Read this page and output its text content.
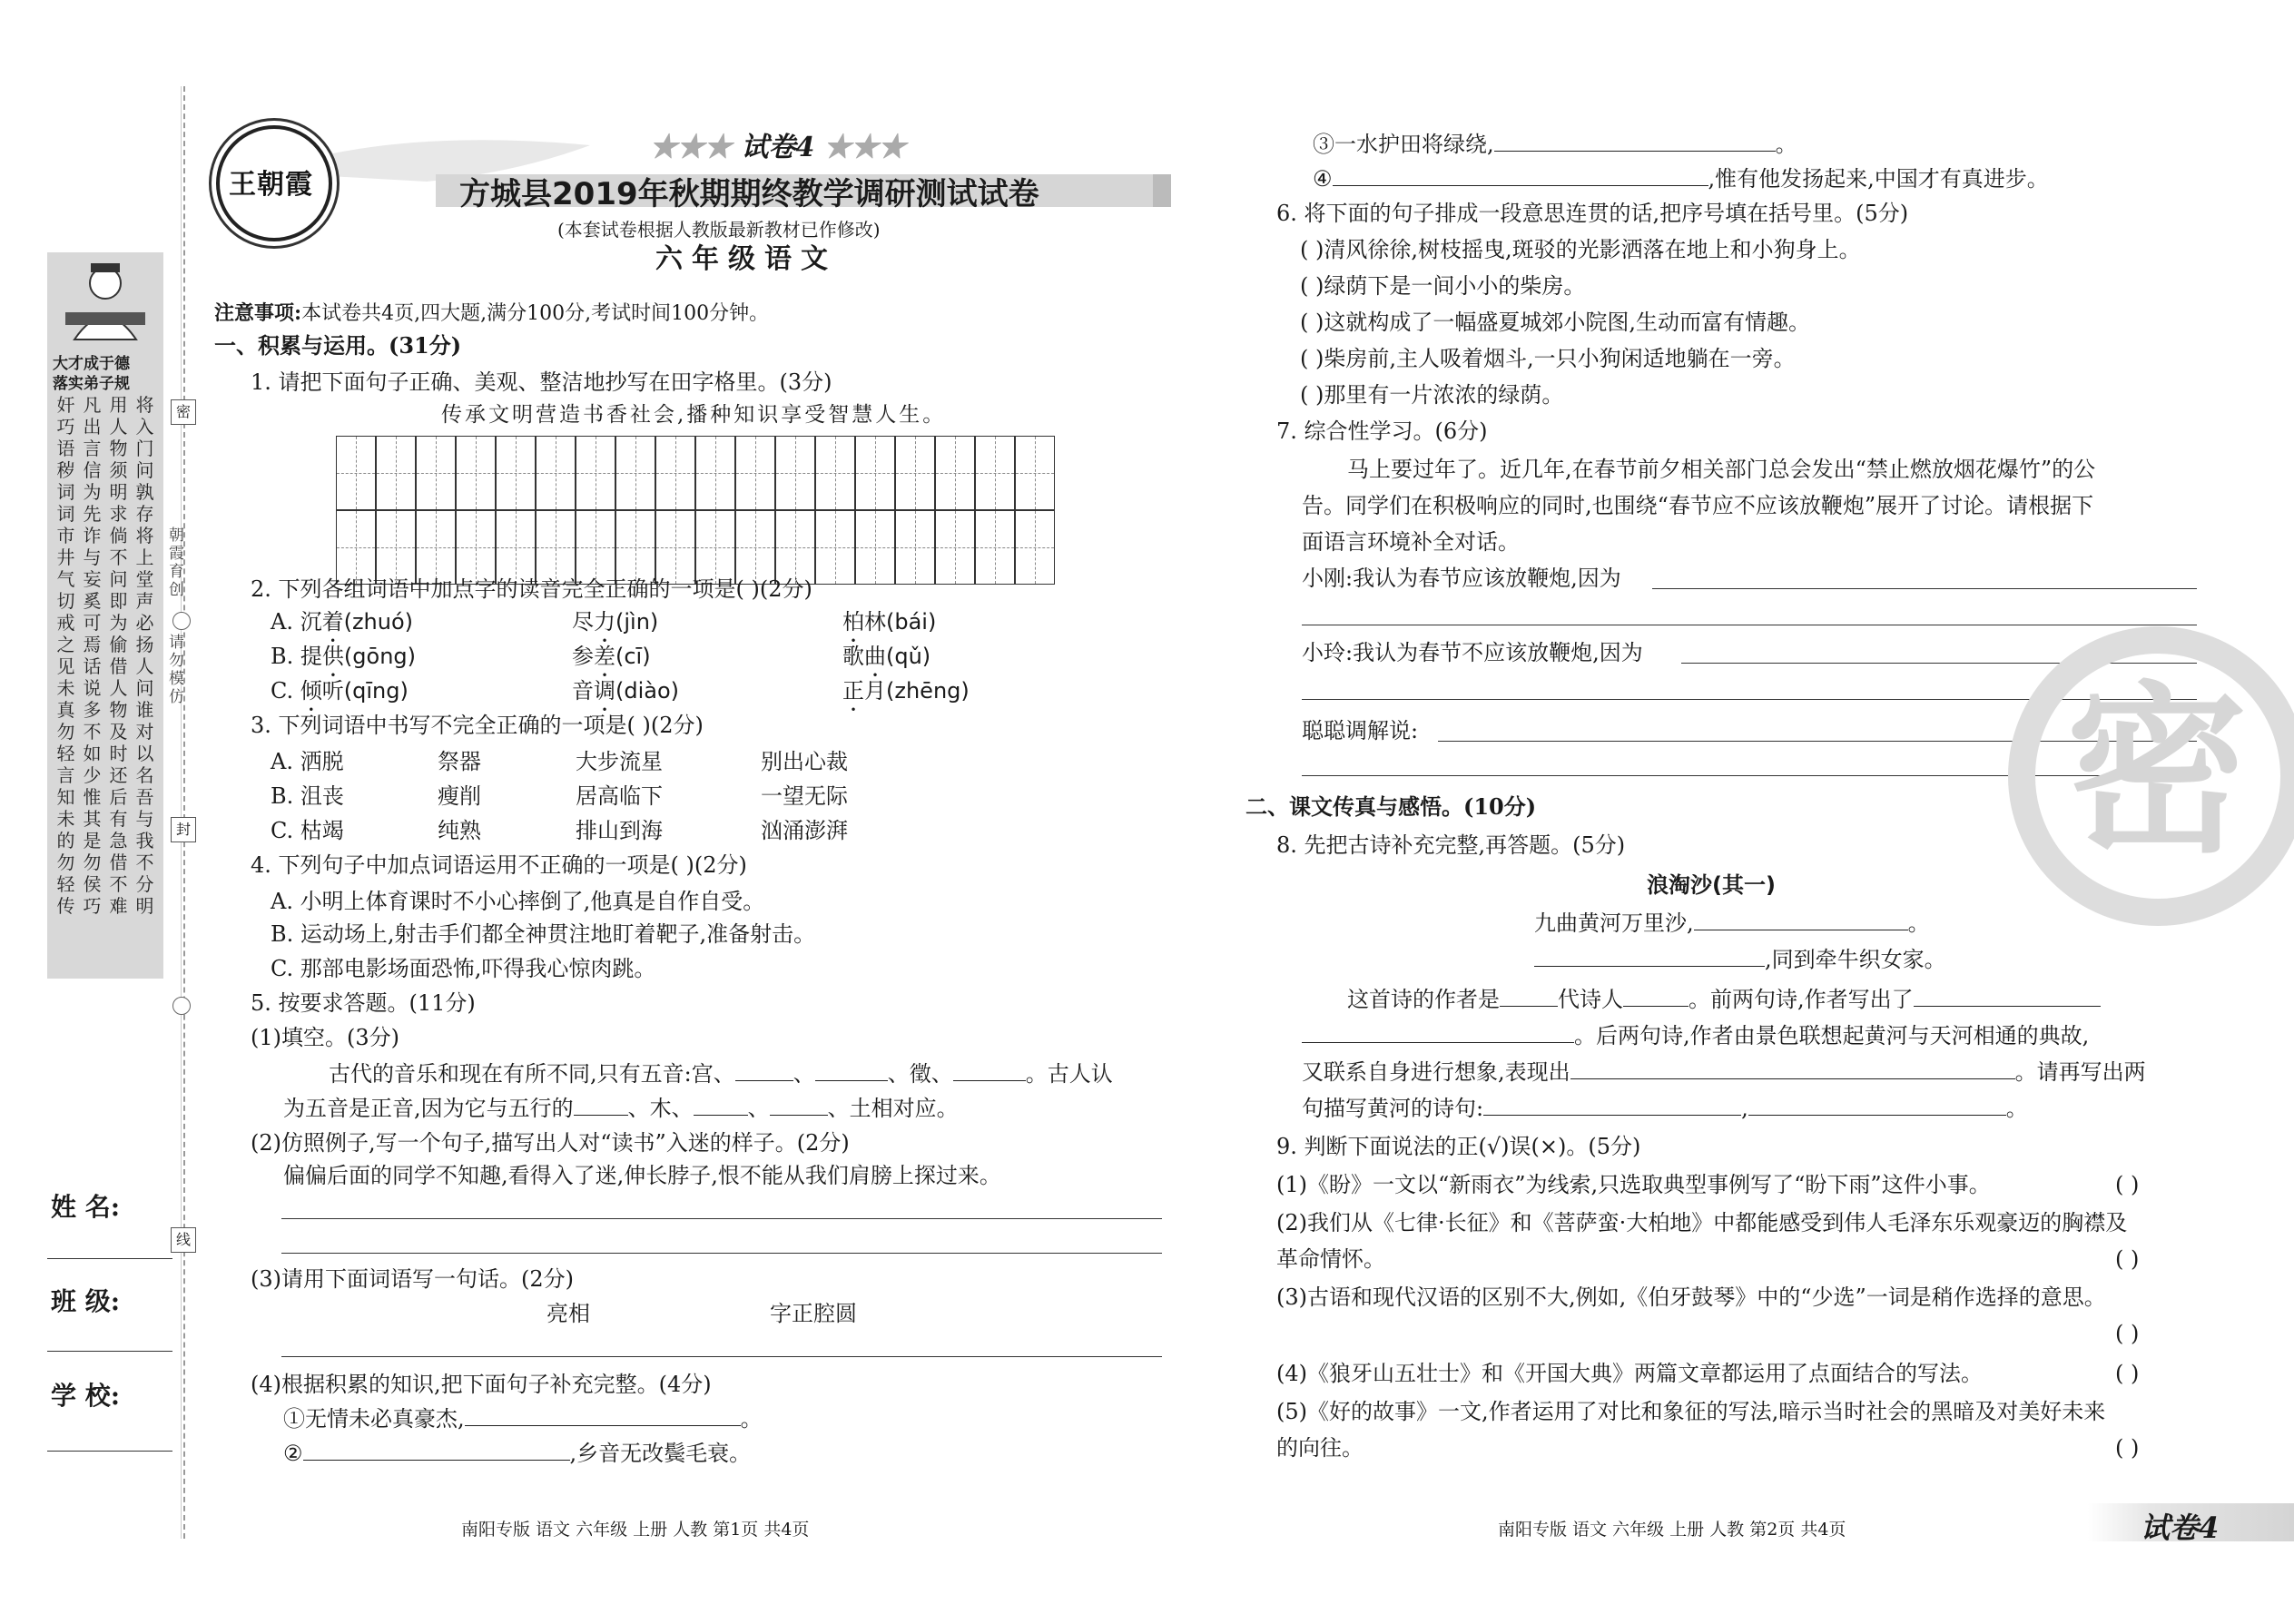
大才成于德
落实弟子规
奸 凡 用 将
巧 出 人 入
语 言 物 门
秽 信 须 问
词 为 明 孰
词 先 求 存
市 诈 倘 将
井 与 不 上
气 妄 问 堂
切 奚 即 声
戒 可 为 必
之 焉 偷 扬
见 话 借 人
未 说 人 问
真 多 物 谁
勿 不 及 对
轻 如 时 以
言 少 还 名
知 惟 后 吾
未 其 有 与
的 是 急 我
勿 勿 借 不
轻 侯 不 分
传 巧 难 明
密
封
线
朝霞育创
请勿模仿
姓 名:
班 级:
学 校:
王朝霞
★★★ 试卷4 ★★★
方城县2019年秋期期终教学调研测试试卷
(本套试卷根据人教版最新教材已作修改)
六年级语文
注意事项:本试卷共4页,四大题,满分100分,考试时间100分钟。
一、积累与运用。(31分)
1. 请把下面句子正确、美观、整洁地抄写在田字格里。(3分)
传承文明营造书香社会,播种知识享受智慧人生。
2. 下列各组词语中加点字的读音完全正确的一项是( )(2分)
A. 沉着(zhuó)	尽力(jìn)	柏林(bái)
B. 提供(gōng)	参差(cī)	歌曲(qǔ)
C. 倾听(qīng)	音调(diào)	正月(zhēng)
3. 下列词语中书写不完全正确的一项是( )(2分)
A. 洒脱	祭器	大步流星	别出心裁
B. 沮丧	瘦削	居高临下	一望无际
C. 枯竭	纯熟	排山到海	汹涌澎湃
4. 下列句子中加点词语运用不正确的一项是( )(2分)
A. 小明上体育课时不小心摔倒了,他真是自作自受。
B. 运动场上,射击手们都全神贯注地盯着靶子,准备射击。
C. 那部电影场面恐怖,吓得我心惊肉跳。
5. 按要求答题。(11分)
(1)填空。(3分)
古代的音乐和现在有所不同,只有五音:宫、	、	、徵、	。古人认
为五音是正音,因为它与五行的	、木、	、	、土相对应。
(2)仿照例子,写一个句子,描写出人对“读书”入迷的样子。(2分)
偏偏后面的同学不知趣,看得入了迷,伸长脖子,恨不能从我们肩膀上探过来。
(3)请用下面词语写一句话。(2分)
亮相	字正腔圆
(4)根据积累的知识,把下面句子补充完整。(4分)
①无情未必真豪杰,	。
②	,乡音无改鬓毛衰。
南阳专版 语文 六年级 上册 人教 第1页 共4页
③一水护田将绿绕,	。
④	,惟有他发扬起来,中国才有真进步。
6. 将下面的句子排成一段意思连贯的话,把序号填在括号里。(5分)
( )清风徐徐,树枝摇曳,斑驳的光影洒落在地上和小狗身上。
( )绿荫下是一间小小的柴房。
( )这就构成了一幅盛夏城郊小院图,生动而富有情趣。
( )柴房前,主人吸着烟斗,一只小狗闲适地躺在一旁。
( )那里有一片浓浓的绿荫。
7. 综合性学习。(6分)
马上要过年了。近几年,在春节前夕相关部门总会发出“禁止燃放烟花爆竹”的公
告。同学们在积极响应的同时,也围绕“春节应不应该放鞭炮”展开了讨论。请根据下
面语言环境补全对话。
小刚:我认为春节应该放鞭炮,因为
小玲:我认为春节不应该放鞭炮,因为
聪聪调解说:	密
二、课文传真与感悟。(10分)
8. 先把古诗补充完整,再答题。(5分)
浪淘沙(其一)
九曲黄河万里沙,	。
,同到牵牛织女家。
这首诗的作者是	代诗人	。前两句诗,作者写出了
。后两句诗,作者由景色联想起黄河与天河相通的典故,
又联系自身进行想象,表现出	。请再写出两
句描写黄河的诗句:	,	。
9. 判断下面说法的正(√)误(×)。(5分)
(1)《盼》一文以“新雨衣”为线索,只选取典型事例写了“盼下雨”这件小事。	( )
(2)我们从《七律·长征》和《菩萨蛮·大柏地》中都能感受到伟人毛泽东乐观豪迈的胸襟及
革命情怀。	( )
(3)古语和现代汉语的区别不大,例如,《伯牙鼓琴》中的“少选”一词是稍作选择的意思。
( )
(4)《狼牙山五壮士》和《开国大典》两篇文章都运用了点面结合的写法。	( )
(5)《好的故事》一文,作者运用了对比和象征的写法,暗示当时社会的黑暗及对美好未来
的向往。	( )
南阳专版 语文 六年级 上册 人教 第2页 共4页	试卷4
